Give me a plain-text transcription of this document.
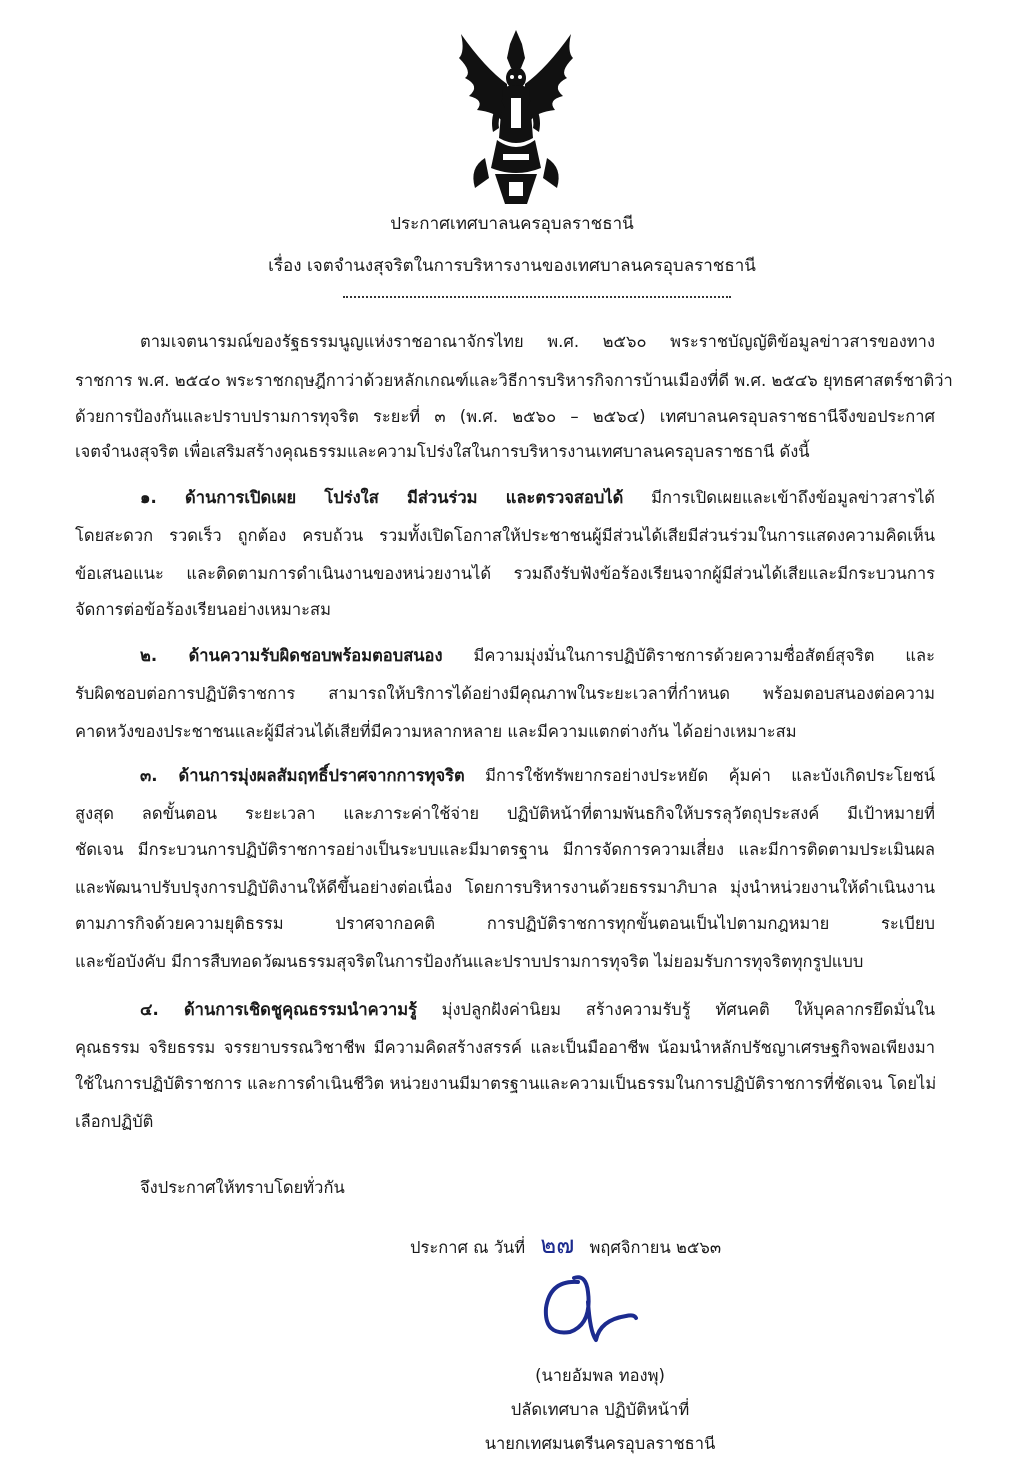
ประกาศเทศบาลนครอุบลราชธานี
เรื่อง เจตจำนงสุจริตในการบริหารงานของเทศบาลนครอุบลราชธานี
ตามเจตนารมณ์ของรัฐธรรมนูญแห่งราชอาณาจักรไทย พ.ศ. ๒๕๖๐ พระราชบัญญัติข้อมูลข่าวสารของทาง
ราชการ พ.ศ. ๒๕๔๐ พระราชกฤษฎีกาว่าด้วยหลักเกณฑ์และวิธีการบริหารกิจการบ้านเมืองที่ดี พ.ศ. ๒๕๔๖ ยุทธศาสตร์ชาติว่า
ด้วยการป้องกันและปราบปรามการทุจริต ระยะที่ ๓ (พ.ศ. ๒๕๖๐ – ๒๕๖๔) เทศบาลนครอุบลราชธานีจึงขอประกาศ
เจตจำนงสุจริต เพื่อเสริมสร้างคุณธรรมและความโปร่งใสในการบริหารงานเทศบาลนครอุบลราชธานี ดังนี้
๑. ด้านการเปิดเผย โปร่งใส มีส่วนร่วม และตรวจสอบได้ มีการเปิดเผยและเข้าถึงข้อมูลข่าวสารได้
โดยสะดวก รวดเร็ว ถูกต้อง ครบถ้วน รวมทั้งเปิดโอกาสให้ประชาชนผู้มีส่วนได้เสียมีส่วนร่วมในการแสดงความคิดเห็น
ข้อเสนอแนะ และติดตามการดำเนินงานของหน่วยงานได้ รวมถึงรับฟังข้อร้องเรียนจากผู้มีส่วนได้เสียและมีกระบวนการ
จัดการต่อข้อร้องเรียนอย่างเหมาะสม
๒. ด้านความรับผิดชอบพร้อมตอบสนอง มีความมุ่งมั่นในการปฏิบัติราชการด้วยความซื่อสัตย์สุจริต และ
รับผิดชอบต่อการปฏิบัติราชการ สามารถให้บริการได้อย่างมีคุณภาพในระยะเวลาที่กำหนด พร้อมตอบสนองต่อความ
คาดหวังของประชาชนและผู้มีส่วนได้เสียที่มีความหลากหลาย และมีความแตกต่างกัน ได้อย่างเหมาะสม
๓. ด้านการมุ่งผลสัมฤทธิ์ปราศจากการทุจริต มีการใช้ทรัพยากรอย่างประหยัด คุ้มค่า และบังเกิดประโยชน์
สูงสุด ลดขั้นตอน ระยะเวลา และภาระค่าใช้จ่าย ปฏิบัติหน้าที่ตามพันธกิจให้บรรลุวัตถุประสงค์ มีเป้าหมายที่
ชัดเจน มีกระบวนการปฏิบัติราชการอย่างเป็นระบบและมีมาตรฐาน มีการจัดการความเสี่ยง และมีการติดตามประเมินผล
และพัฒนาปรับปรุงการปฏิบัติงานให้ดีขึ้นอย่างต่อเนื่อง โดยการบริหารงานด้วยธรรมาภิบาล มุ่งนำหน่วยงานให้ดำเนินงาน
ตามภารกิจด้วยความยุติธรรม ปราศจากอคติ การปฏิบัติราชการทุกขั้นตอนเป็นไปตามกฎหมาย ระเบียบ
และข้อบังคับ มีการสืบทอดวัฒนธรรมสุจริตในการป้องกันและปราบปรามการทุจริต ไม่ยอมรับการทุจริตทุกรูปแบบ
๔. ด้านการเชิดชูคุณธรรมนำความรู้ มุ่งปลูกฝังค่านิยม สร้างความรับรู้ ทัศนคติ ให้บุคลากรยึดมั่นใน
คุณธรรม จริยธรรม จรรยาบรรณวิชาชีพ มีความคิดสร้างสรรค์ และเป็นมืออาชีพ น้อมนำหลักปรัชญาเศรษฐกิจพอเพียงมา
ใช้ในการปฏิบัติราชการ และการดำเนินชีวิต หน่วยงานมีมาตรฐานและความเป็นธรรมในการปฏิบัติราชการที่ชัดเจน โดยไม่
เลือกปฏิบัติ
จึงประกาศให้ทราบโดยทั่วกัน
ประกาศ ณ วันที่ ๒๗ พฤศจิกายน ๒๕๖๓
(นายอัมพล ทองพุ)
ปลัดเทศบาล ปฏิบัติหน้าที่
นายกเทศมนตรีนครอุบลราชธานี
